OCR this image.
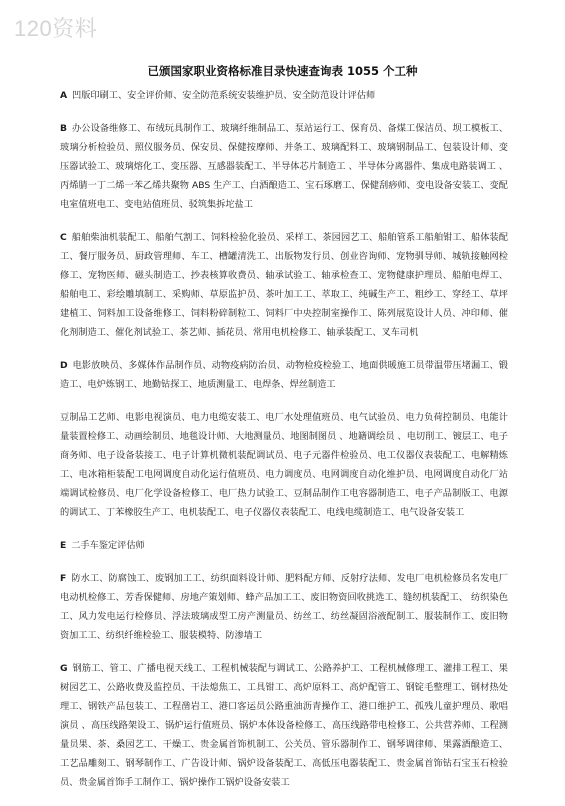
120资料
已颁国家职业资格标准目录快速查询表 1055 个工种

A 凹版印刷工、安全评价师、安全防范系统安装维护员、安全防范设计评估师

B 办公设备维修工、布绒玩具制作工、玻璃纤维制品工、泵站运行工、保育员、备煤工保洁员、坝工模板工、玻璃分析检验员、照仪服务员、保安员、保健按摩师、并条工、玻璃配料工、玻璃钢制品工、包装设计师、变压器试验工、玻璃熔化工、变压器、互感器装配工、半导体芯片制造工 、半导体分离器件、集成电路装调工 、丙烯腈一丁二烯一苯乙烯共聚物 ABS 生产工、白酒酿造工、宝石琢磨工、保健刮痧师、变电设备安装工、变配电室值班电工、变电站值班员、驳筑集拆坨盐工

C 船舶柴油机装配工、船舶气割工、饲料检验化验员、采样工、茶园园艺工、船舶管系工船舶钳工、船体装配工、餐厅服务员、厨政管理师、车工、槽罐清洗工、出版物发行员、创业咨询师、宠物驯导师、城轨接触网检修工、宠物医师、磁头制造工、抄表核算收费员、轴承试验工、轴承检查工、宠物健康护理员、船舶电焊工、船舶电工、彩绘雕填制工、采购师、草原监护员、茶叶加工工、萃取工、纯碱生产工、粗纱工、穿经工、草坪建植工、饲料加工设备维修工、饲料粉碎制粒工、饲料厂中央控制室操作工、陈列展览设计人员、冲印师、催化剂制造工、催化剂试验工、茶艺师、插花员、常用电机检修工、轴承装配工、叉车司机

D 电影放映员、多媒体作品制作员、动物疫病防治员、动物检疫检验工、地面供暖施工员带温带压堵漏工、锻造工、电炉炼钢工、地勤钻探工、地质测量工、电焊条、焊丝制造工

豆制品工艺师、电影电视演员、电力电缆安装工、电厂水处理值班员、电气试验员、电力负荷控制员、电能计量装置检修工、动画绘制员、地毯设计师、大地测量员、地图制图员 、地籍调绘员 、电切削工、镀层工、电子商务师、电子设备装接工、电子计算机微机装配调试员、电子元器件检验员、电工仪器仪表装配工、电解精炼工、电冰箱柜装配工电网调度自动化运行值班员、电力调度员、电网调度自动化维护员、电网调度自动化厂站端调试检修员、电厂化学设备检修工、电厂热力试验工、豆制品制作工电容器制造工、电子产品制版工、电源的调试工、丁苯橡胶生产工、电机装配工、电子仪器仪表装配工、电线电缆制造工、电气设备安装工

E 二手车鉴定评估师

F 防水工、防腐蚀工、废钢加工工、纺织面料设计师、肥料配方师、反射疗法师、发电厂电机检修员名发电厂电动机检修工、芳香保健师、房地产策划师、蜂产品加工工、废旧物资回收挑选工、缝纫机装配工、 纺织染色工、风力发电运行检修员、浮法玻璃成型工房产测量员、纺丝工、纺丝凝固浴液配制工、服装制作工、废旧物资加工工、纺织纤维检验工、服装模特、防渗墙工

G 钢筋工、管工、广播电视天线工、工程机械装配与调试工、公路养护工、工程机械修理工、灌排工程工、果树园艺工、公路收费及监控员、干法熄焦工、工具钳工、高炉原料工、高炉配管工、钢锭毛整理工、钢材热处理工、钢铁产品包装工、工程凿岩工、港口客运员公路重油沥青操作工、港口维护工、孤残儿童护理员、歌唱演员 、高压线路架设工、锅炉运行值班员、锅炉本体设备检修工、高压线路带电检修工、公共营养师、工程测量员果、茶、桑园艺工、干燥工、贵金属首饰机制工、公关员、管乐器制作工、钢琴调律师、果露酒酿造工、工艺品雕刻工、钢琴制作工、广告设计师、锅炉设备装配工、高低压电器装配工、贵金属首饰钻石宝玉石检验员、贵金属首饰手工制作工、锅炉操作工锅炉设备安装工
